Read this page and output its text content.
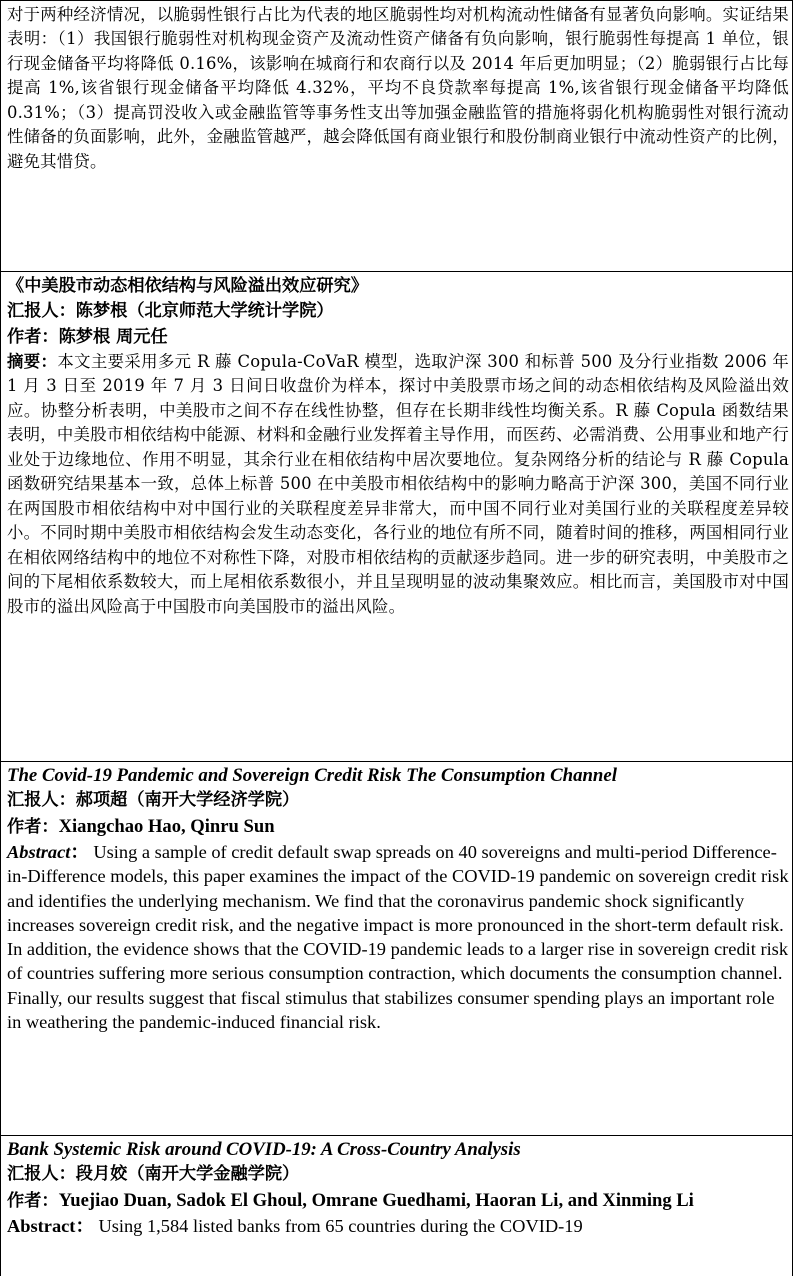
对于两种经济情况，以脆弱性银行占比为代表的地区脆弱性均对机构流动性储备有显著负向影响。实证结果表明：（1）我国银行脆弱性对机构现金资产及流动性资产储备有负向影响，银行脆弱性每提高 1 单位，银行现金储备平均将降低 0.16%，该影响在城商行和农商行以及 2014 年后更加明显；（2）脆弱银行占比每提高 1%,该省银行现金储备平均降低 4.32%，平均不良贷款率每提高 1%,该省银行现金储备平均降低 0.31%；（3）提高罚没收入或金融监管等事务性支出等加强金融监管的措施将弱化机构脆弱性对银行流动性储备的负面影响，此外，金融监管越严，越会降低国有商业银行和股份制商业银行中流动性资产的比例，避免其惜贷。

《中美股市动态相依结构与风险溢出效应研究》

汇报人：陈梦根（北京师范大学统计学院）

作者：陈梦根 周元任

摘要：本文主要采用多元 R 藤 Copula-CoVaR 模型，选取沪深 300 和标普 500 及分行业指数 2006 年 1 月 3 日至 2019 年 7 月 3 日间日收盘价为样本，探讨中美股票市场之间的动态相依结构及风险溢出效应。协整分析表明，中美股市之间不存在线性协整，但存在长期非线性均衡关系。R 藤 Copula 函数结果表明，中美股市相依结构中能源、材料和金融行业发挥着主导作用，而医药、必需消费、公用事业和地产行业处于边缘地位、作用不明显，其余行业在相依结构中居次要地位。复杂网络分析的结论与 R 藤 Copula 函数研究结果基本一致，总体上标普 500 在中美股市相依结构中的影响力略高于沪深 300，美国不同行业在两国股市相依结构中对中国行业的关联程度差异非常大，而中国不同行业对美国行业的关联程度差异较小。不同时期中美股市相依结构会发生动态变化，各行业的地位有所不同，随着时间的推移，两国相同行业在相依网络结构中的地位不对称性下降，对股市相依结构的贡献逐步趋同。进一步的研究表明，中美股市之间的下尾相依系数较大，而上尾相依系数很小，并且呈现明显的波动集聚效应。相比而言，美国股市对中国股市的溢出风险高于中国股市向美国股市的溢出风险。

The Covid-19 Pandemic and Sovereign Credit Risk The Consumption Channel

汇报人：郝项超（南开大学经济学院）

作者：Xiangchao Hao, Qinru Sun

Abstract： Using a sample of credit default swap spreads on 40 sovereigns and multi-period Difference-in-Difference models, this paper examines the impact of the COVID-19 pandemic on sovereign credit risk and identifies the underlying mechanism. We find that the coronavirus pandemic shock significantly increases sovereign credit risk, and the negative impact is more pronounced in the short-term default risk. In addition, the evidence shows that the COVID-19 pandemic leads to a larger rise in sovereign credit risk of countries suffering more serious consumption contraction, which documents the consumption channel. Finally, our results suggest that fiscal stimulus that stabilizes consumer spending plays an important role in weathering the pandemic-induced financial risk.

Bank Systemic Risk around COVID-19: A Cross-Country Analysis

汇报人：段月姣（南开大学金融学院）

作者：Yuejiao Duan, Sadok El Ghoul, Omrane Guedhami, Haoran Li, and Xinming Li

Abstract： Using 1,584 listed banks from 65 countries during the COVID-19
